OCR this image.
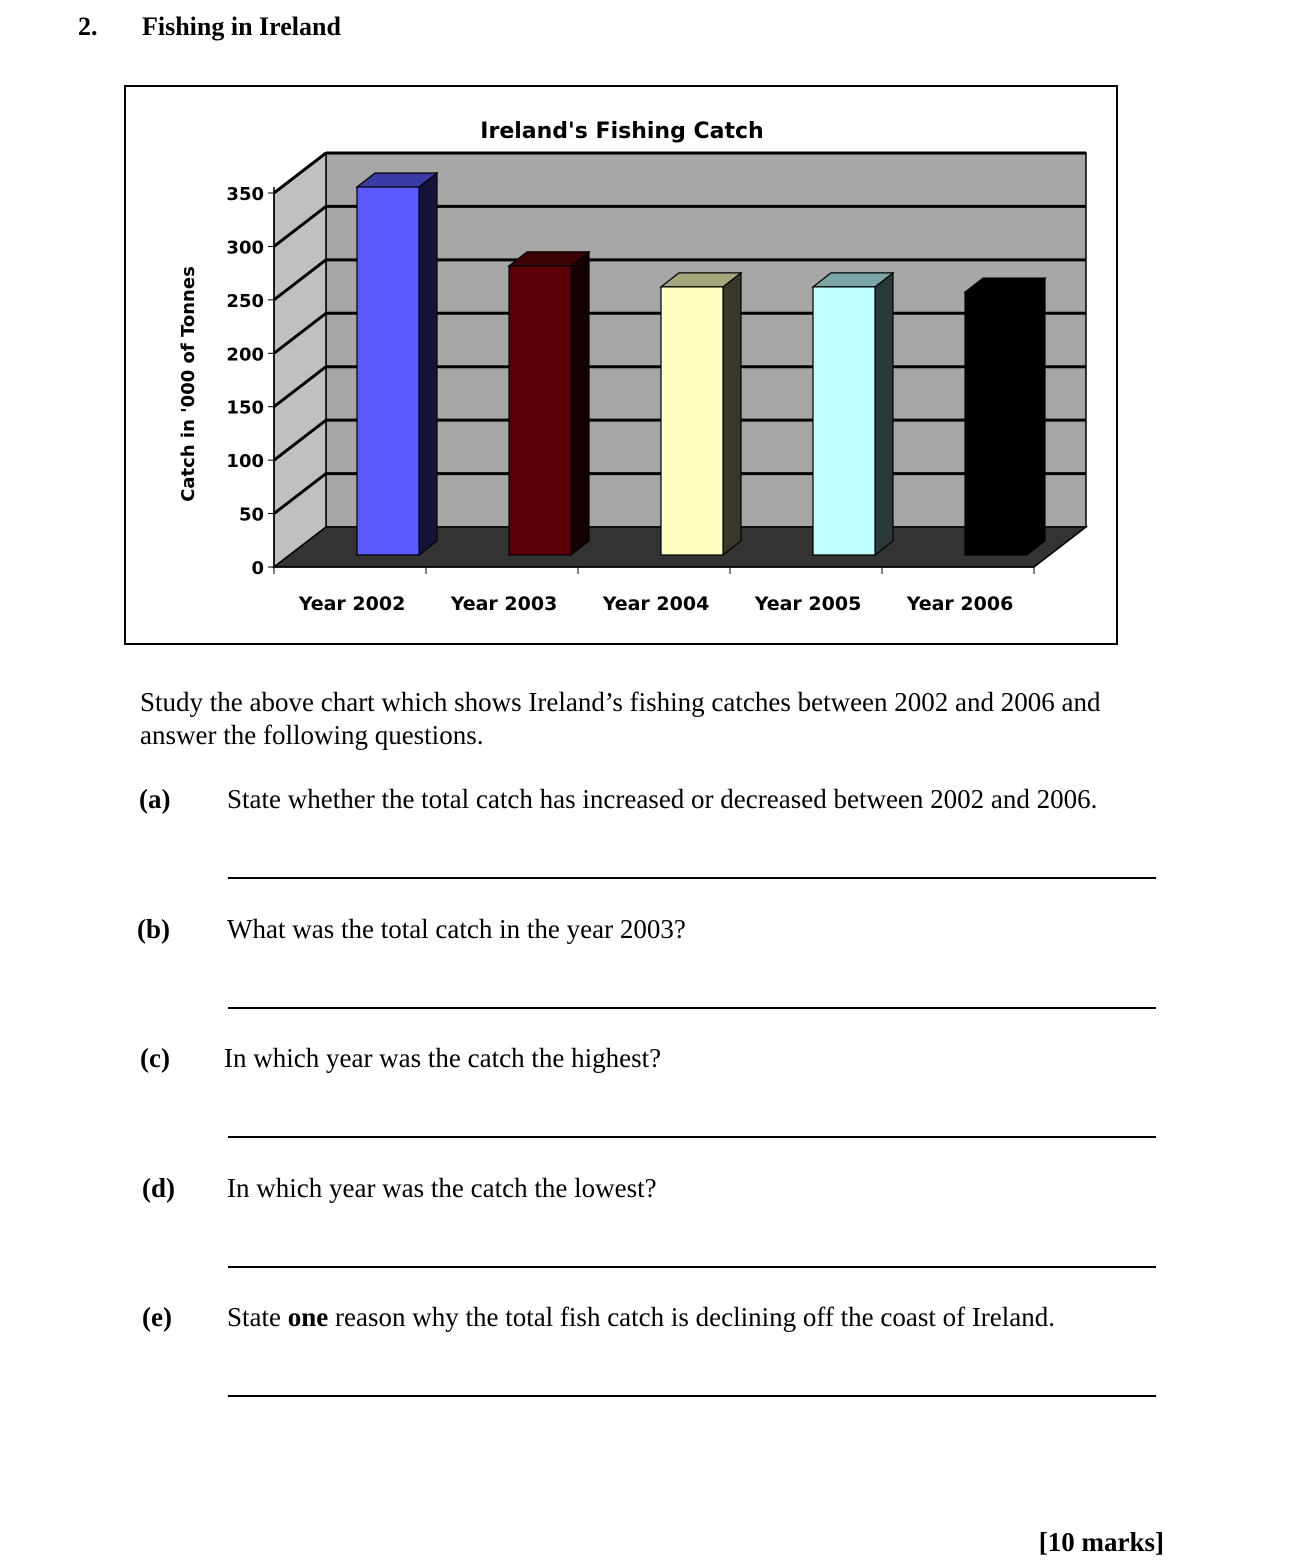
2. Fishing in Ireland
Ireland's Fishing Catch
Catch in '000 of Tonnes
0
50
100
150
200
250
300
350
Year 2002 Year 2003 Year 2004 Year 2005 Year 2006
Study the above chart which shows Ireland’s fishing catches between 2002 and 2006 and answer the following questions.
(a) State whether the total catch has increased or decreased between 2002 and 2006.
(b) What was the total catch in the year 2003?
(c) In which year was the catch the highest?
(d) In which year was the catch the lowest?
(e) State one reason why the total fish catch is declining off the coast of Ireland.
[10 marks]
